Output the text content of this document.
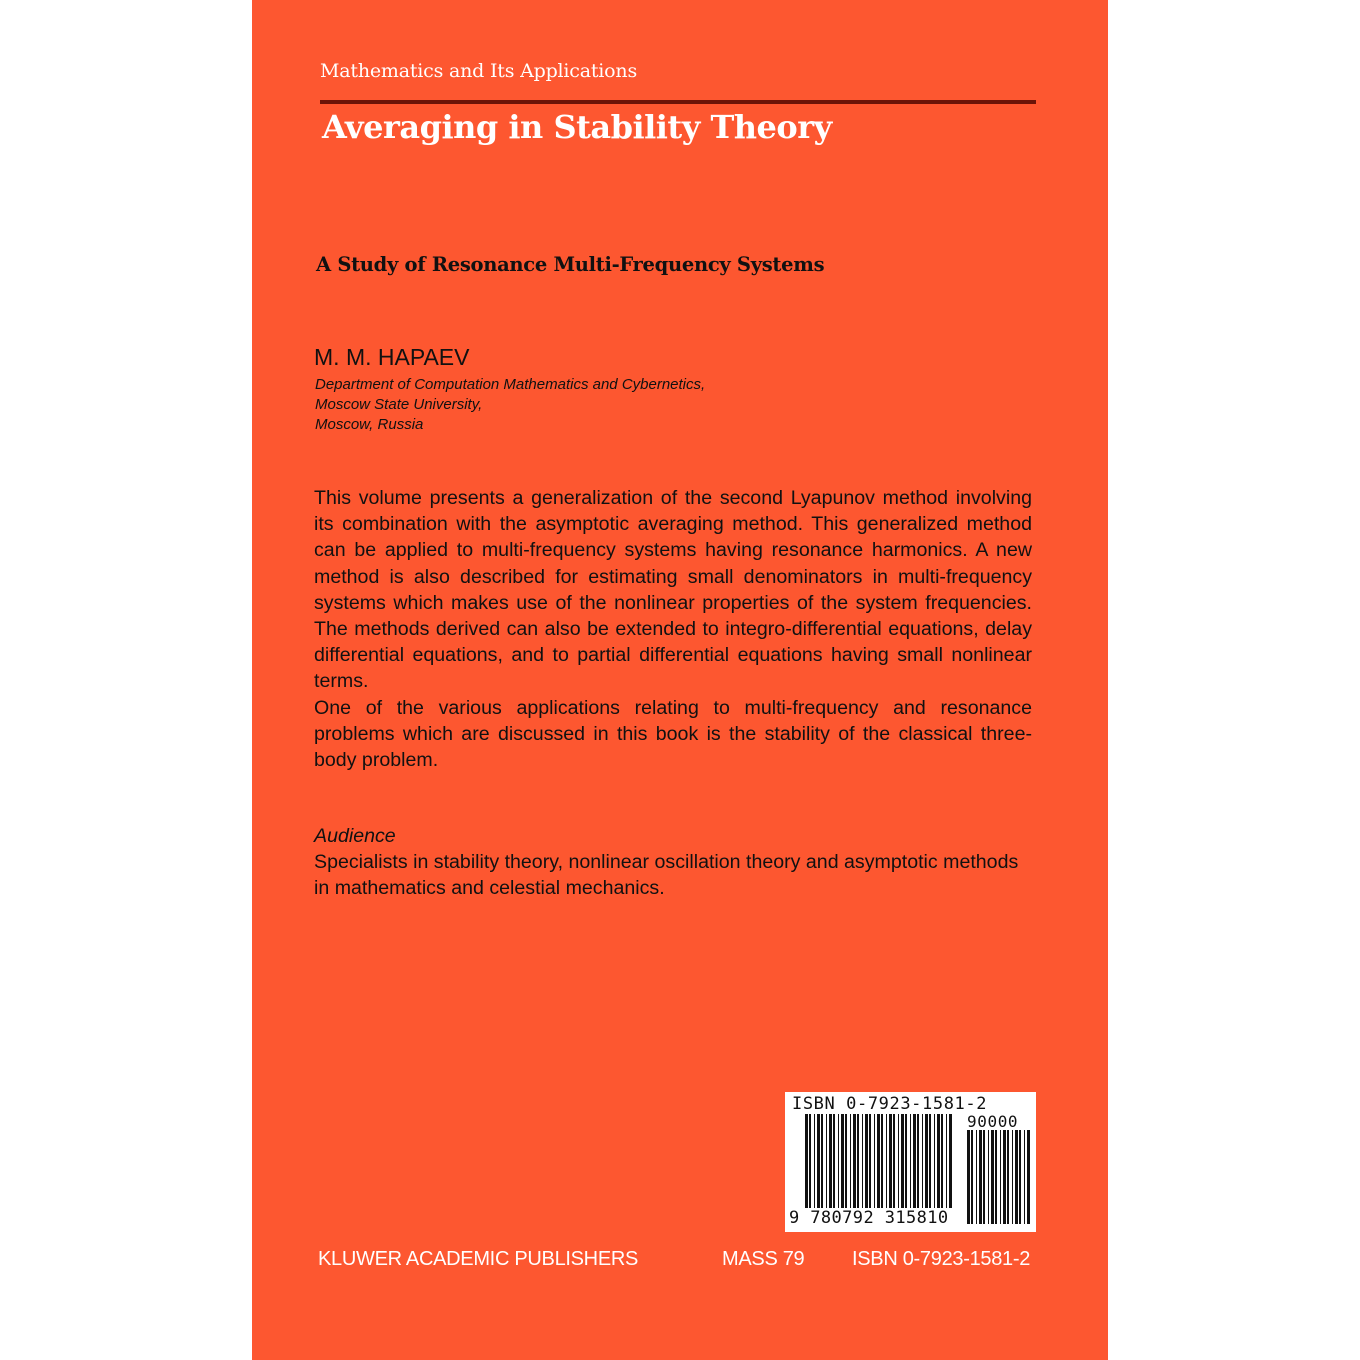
Mathematics and Its Applications
Averaging in Stability Theory
A Study of Resonance Multi-Frequency Systems
M. M. HAPAEV
Department of Computation Mathematics and Cybernetics,
Moscow State University,
Moscow, Russia

This volume presents a generalization of the second Lyapunov method involving its combination with the asymptotic averaging method. This generalized method can be applied to multi-frequency systems having resonance harmonics. A new method is also described for estimating small denominators in multi-frequency systems which makes use of the nonlinear properties of the system frequencies. The methods derived can also be extended to integro-differential equations, delay differential equations, and to partial differential equations having small nonlinear terms.

One of the various applications relating to multi-frequency and resonance problems which are discussed in this book is the stability of the classical three-body problem.

Audience
Specialists in stability theory, nonlinear oscillation theory and asymptotic methods in mathematics and celestial mechanics.
ISBN 0-7923-1581-2
90000
9 780792 315810
KLUWER ACADEMIC PUBLISHERS	MASS 79 ISBN 0-7923-1581-2
